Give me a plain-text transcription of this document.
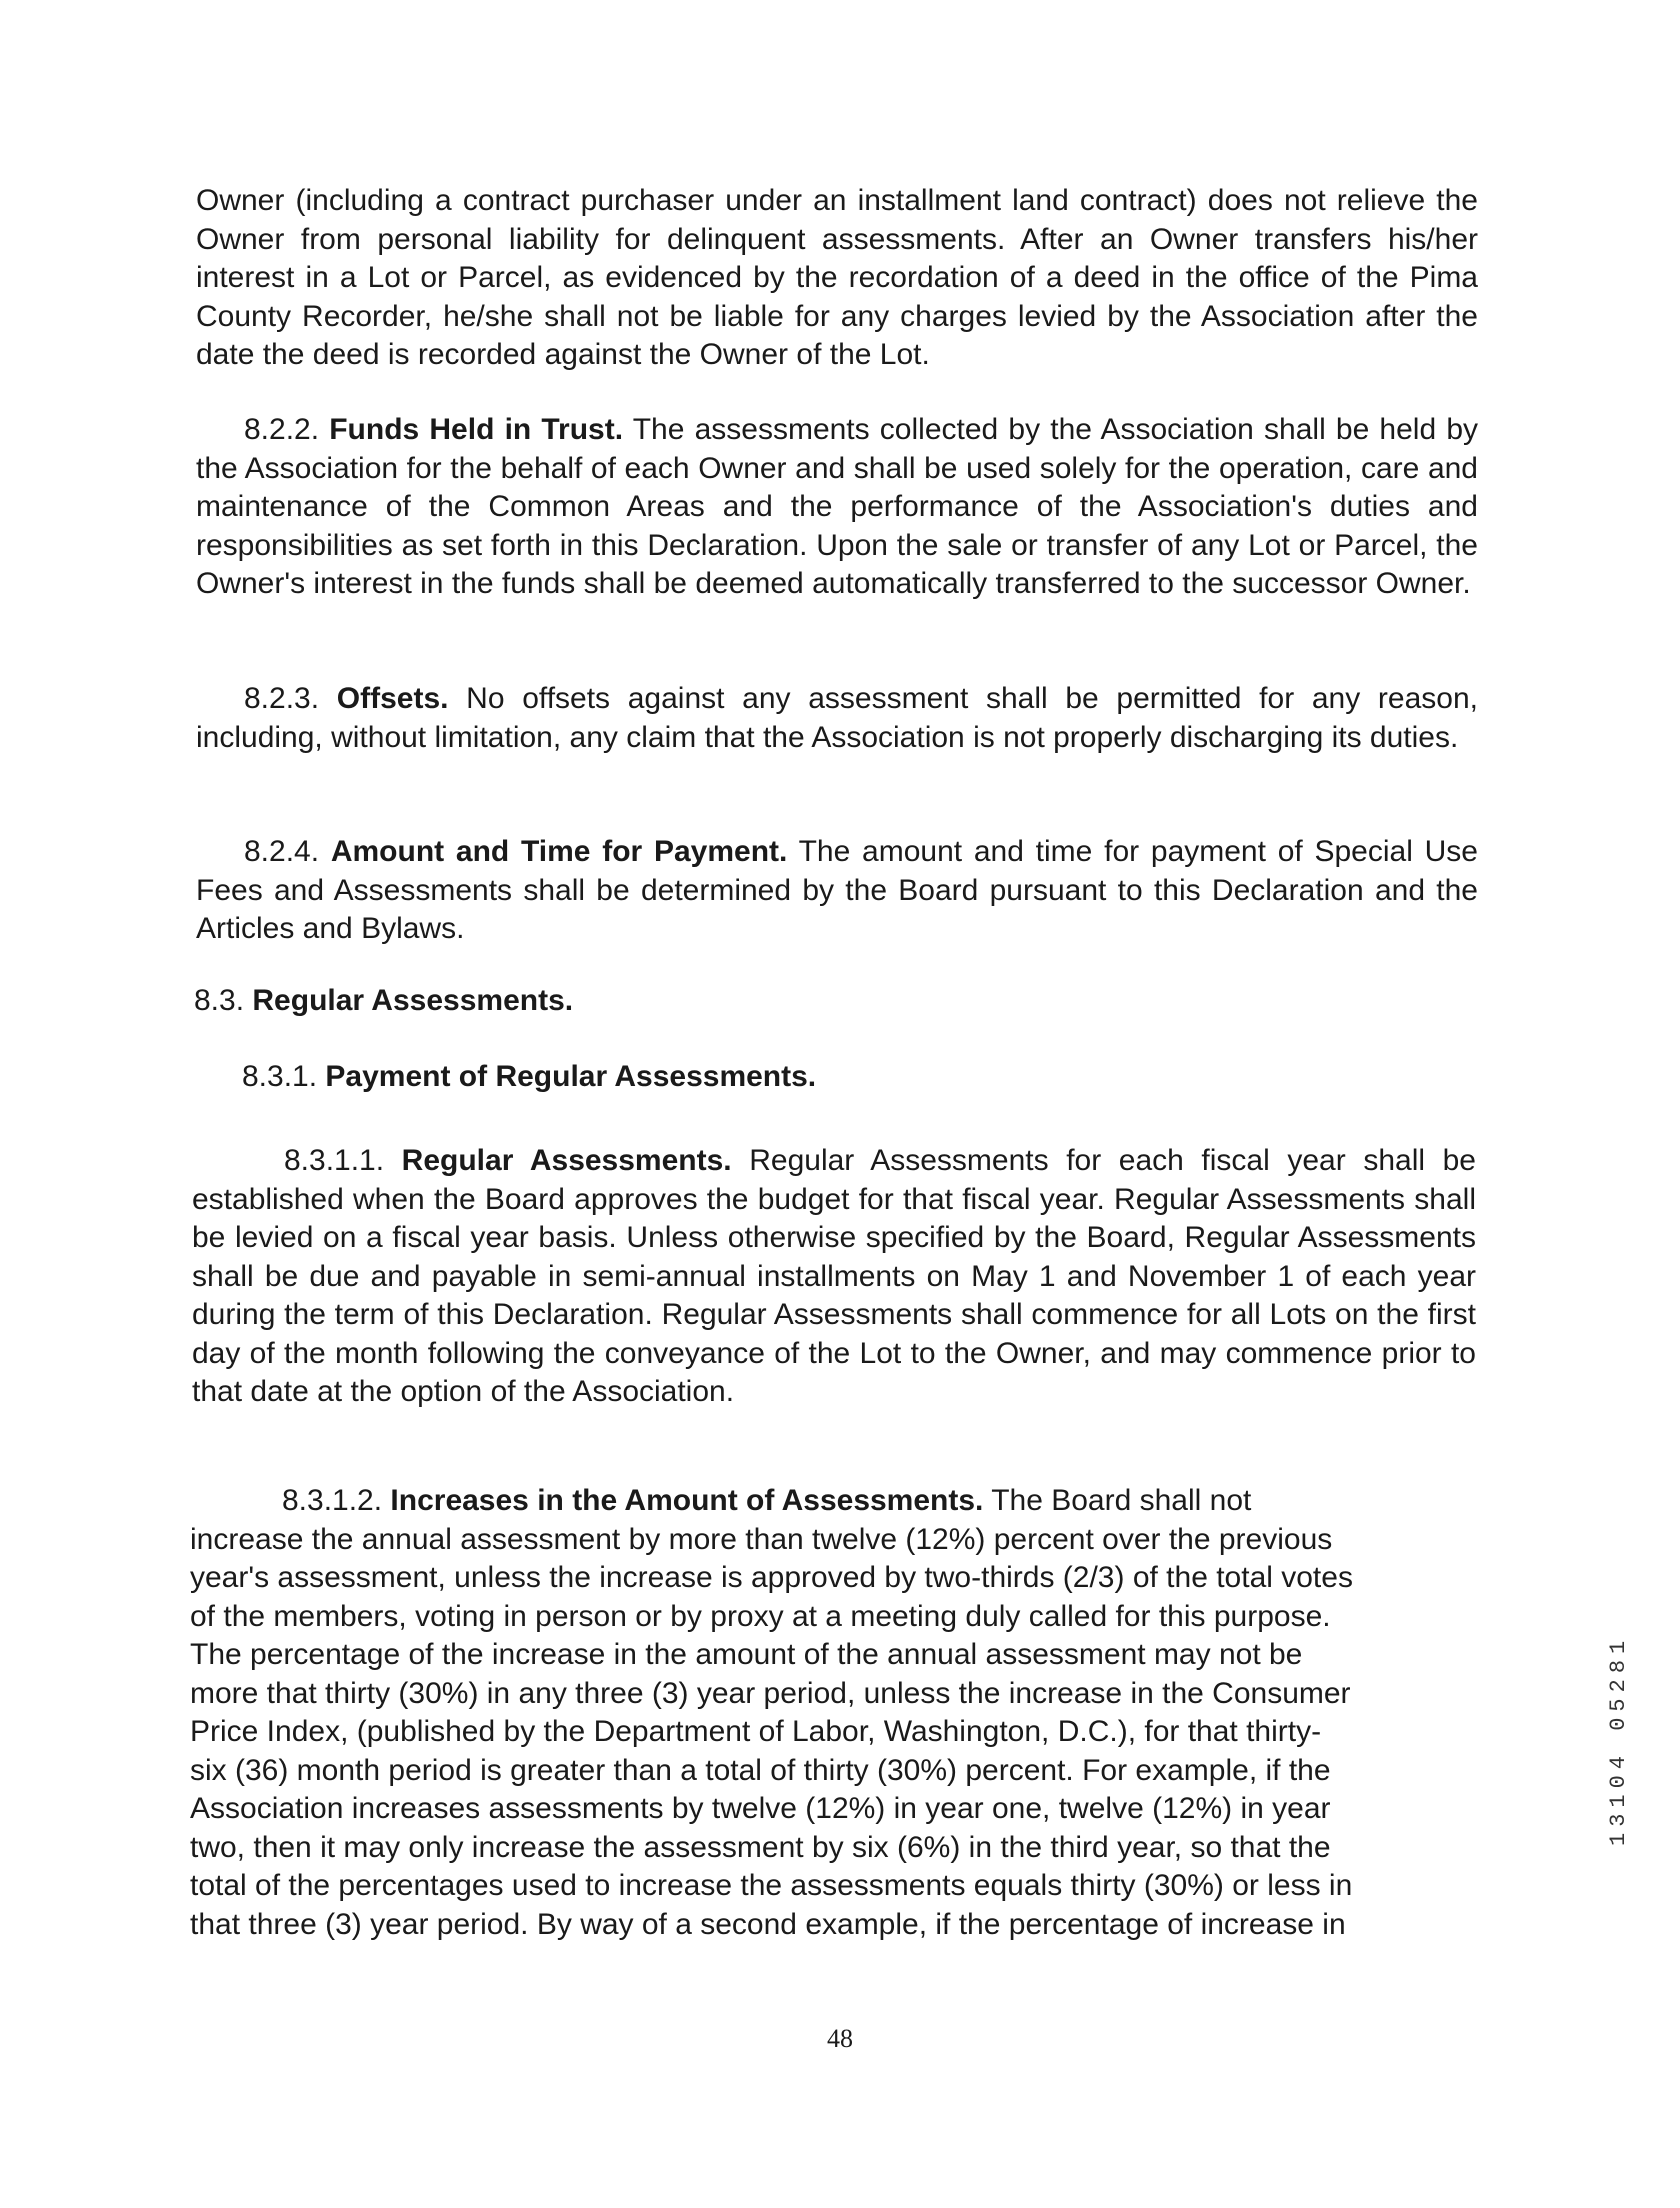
Owner (including a contract purchaser under an installment land contract) does not relieve the Owner from personal liability for delinquent assessments. After an Owner transfers his/her interest in a Lot or Parcel, as evidenced by the recordation of a deed in the office of the Pima County Recorder, he/she shall not be liable for any charges levied by the Association after the date the deed is recorded against the Owner of the Lot.

8.2.2. Funds Held in Trust. The assessments collected by the Association shall be held by the Association for the behalf of each Owner and shall be used solely for the operation, care and maintenance of the Common Areas and the performance of the Association's duties and responsibilities as set forth in this Declaration. Upon the sale or transfer of any Lot or Parcel, the Owner's interest in the funds shall be deemed automatically transferred to the successor Owner.

8.2.3. Offsets. No offsets against any assessment shall be permitted for any reason, including, without limitation, any claim that the Association is not properly discharging its duties.

8.2.4. Amount and Time for Payment. The amount and time for payment of Special Use Fees and Assessments shall be determined by the Board pursuant to this Declaration and the Articles and Bylaws.

8.3. Regular Assessments.

8.3.1. Payment of Regular Assessments.

8.3.1.1. Regular Assessments. Regular Assessments for each fiscal year shall be established when the Board approves the budget for that fiscal year. Regular Assessments shall be levied on a fiscal year basis. Unless otherwise specified by the Board, Regular Assessments shall be due and payable in semi-annual installments on May 1 and November 1 of each year during the term of this Declaration. Regular Assessments shall commence for all Lots on the first day of the month following the conveyance of the Lot to the Owner, and may commence prior to that date at the option of the Association.

8.3.1.2. Increases in the Amount of Assessments. The Board shall not
increase the annual assessment by more than twelve (12%) percent over the previous
year's assessment, unless the increase is approved by two-thirds (2/3) of the total votes
of the members, voting in person or by proxy at a meeting duly called for this purpose.
The percentage of the increase in the amount of the annual assessment may not be
more that thirty (30%) in any three (3) year period, unless the increase in the Consumer
Price Index, (published by the Department of Labor, Washington, D.C.), for that thirty-
six (36) month period is greater than a total of thirty (30%) percent. For example, if the
Association increases assessments by twelve (12%) in year one, twelve (12%) in year
two, then it may only increase the assessment by six (6%) in the third year, so that the
total of the percentages used to increase the assessments equals thirty (30%) or less in
that three (3) year period. By way of a second example, if the percentage of increase in
13104 05281
48
